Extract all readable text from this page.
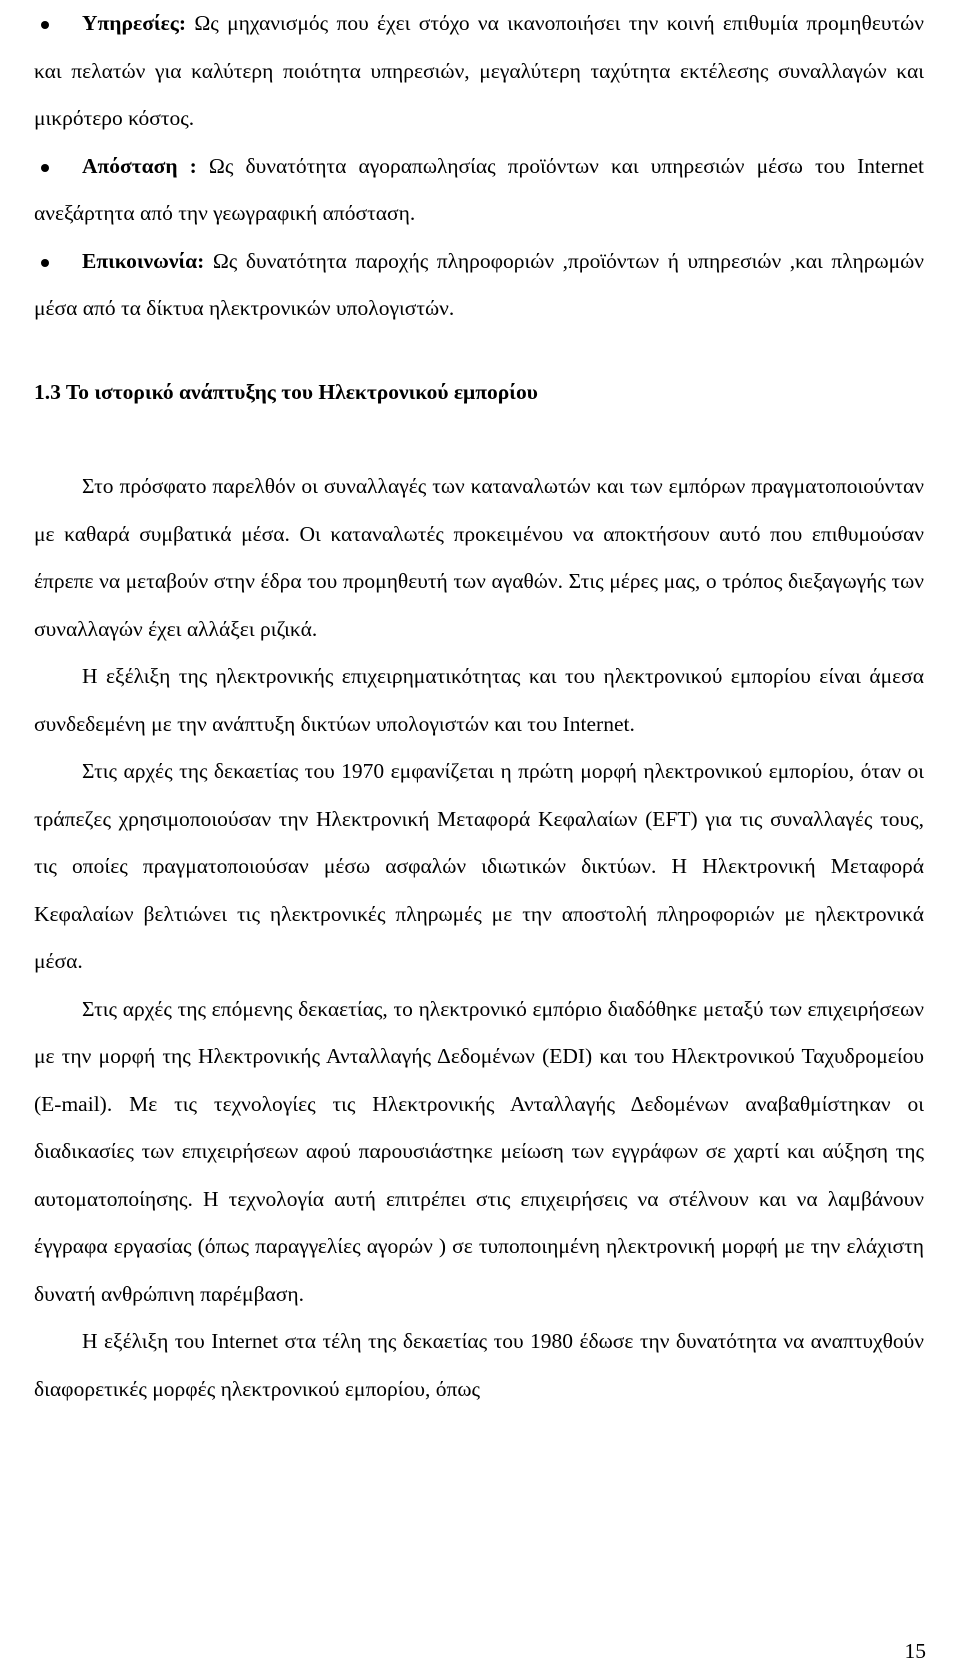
Υπηρεσίες: Ως μηχανισμός που έχει στόχο να ικανοποιήσει την κοινή επιθυμία προμηθευτών και πελατών για καλύτερη ποιότητα υπηρεσιών, μεγαλύτερη ταχύτητα εκτέλεσης συναλλαγών και μικρότερο κόστος.
Απόσταση : Ως δυνατότητα αγοραπωλησίας προϊόντων και υπηρεσιών μέσω του Internet ανεξάρτητα από την γεωγραφική απόσταση.
Επικοινωνία: Ως δυνατότητα παροχής πληροφοριών ,προϊόντων ή υπηρεσιών ,και πληρωμών μέσα από τα δίκτυα ηλεκτρονικών υπολογιστών.
1.3 Το ιστορικό ανάπτυξης του Ηλεκτρονικού εμπορίου

Στο πρόσφατο παρελθόν οι συναλλαγές των καταναλωτών και των εμπόρων πραγματοποιούνταν με καθαρά συμβατικά μέσα. Οι καταναλωτές προκειμένου να αποκτήσουν αυτό που επιθυμούσαν έπρεπε να μεταβούν στην έδρα του προμηθευτή των αγαθών. Στις μέρες μας, ο τρόπος διεξαγωγής των συναλλαγών έχει αλλάξει ριζικά.

Η εξέλιξη της ηλεκτρονικής επιχειρηματικότητας και του ηλεκτρονικού εμπορίου είναι άμεσα συνδεδεμένη με την ανάπτυξη δικτύων υπολογιστών και του Internet.

Στις αρχές της δεκαετίας του 1970 εμφανίζεται η πρώτη μορφή ηλεκτρονικού εμπορίου, όταν οι τράπεζες χρησιμοποιούσαν την Ηλεκτρονική Μεταφορά Κεφαλαίων (EFT) για τις συναλλαγές τους, τις οποίες πραγματοποιούσαν μέσω ασφαλών ιδιωτικών δικτύων. Η Ηλεκτρονική Μεταφορά Κεφαλαίων βελτιώνει τις ηλεκτρονικές πληρωμές με την αποστολή πληροφοριών με ηλεκτρονικά μέσα.

Στις αρχές της επόμενης δεκαετίας, το ηλεκτρονικό εμπόριο διαδόθηκε μεταξύ των επιχειρήσεων με την μορφή της Ηλεκτρονικής Ανταλλαγής Δεδομένων (EDI) και του Ηλεκτρονικού Ταχυδρομείου (E-mail). Με τις τεχνολογίες τις Ηλεκτρονικής Ανταλλαγής Δεδομένων αναβαθμίστηκαν οι διαδικασίες των επιχειρήσεων αφού παρουσιάστηκε μείωση των εγγράφων σε χαρτί και αύξηση της αυτοματοποίησης. Η τεχνολογία αυτή επιτρέπει στις επιχειρήσεις να στέλνουν και να λαμβάνουν έγγραφα εργασίας (όπως παραγγελίες αγορών ) σε τυποποιημένη ηλεκτρονική μορφή με την ελάχιστη δυνατή ανθρώπινη παρέμβαση.

Η εξέλιξη του Internet στα τέλη της δεκαετίας του 1980 έδωσε την δυνατότητα να αναπτυχθούν διαφορετικές μορφές ηλεκτρονικού εμπορίου, όπως

15
